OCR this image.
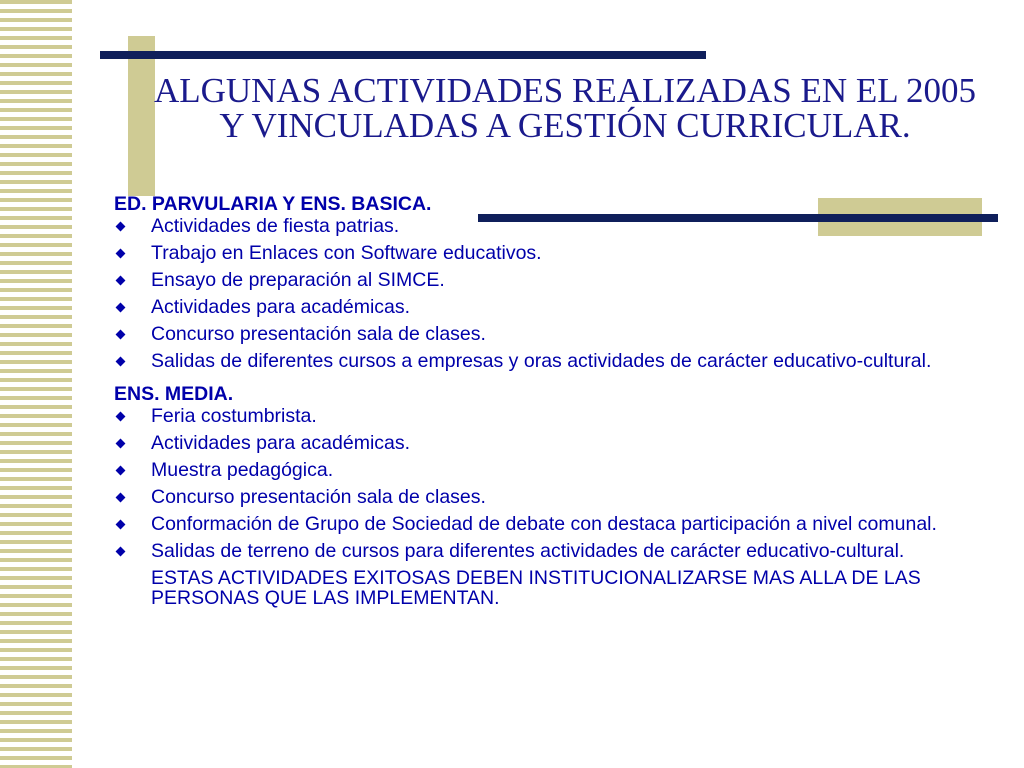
ALGUNAS ACTIVIDADES REALIZADAS EN EL 2005 Y VINCULADAS A GESTIÓN CURRICULAR.
ED. PARVULARIA Y ENS. BASICA.
Actividades de fiesta patrias.
Trabajo en Enlaces con Software educativos.
Ensayo de preparación al SIMCE.
Actividades para académicas.
Concurso presentación sala de clases.
Salidas de diferentes cursos a empresas y oras actividades de carácter educativo-cultural.
ENS. MEDIA.
Feria costumbrista.
Actividades para académicas.
Muestra pedagógica.
Concurso presentación sala de clases.
Conformación de Grupo de Sociedad de debate con destaca participación a nivel comunal.
Salidas de terreno de cursos para diferentes actividades de carácter educativo-cultural.
ESTAS ACTIVIDADES EXITOSAS DEBEN INSTITUCIONALIZARSE MAS ALLA DE LAS PERSONAS QUE LAS IMPLEMENTAN.
